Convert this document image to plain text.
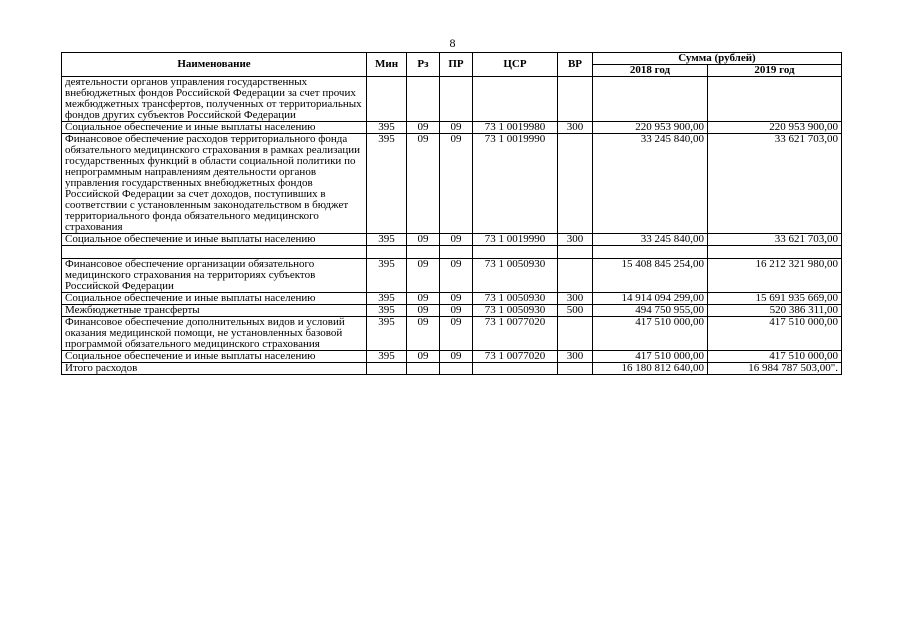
8
Наименование	Мин	Рз	ПР	ЦСР	ВР	Сумма (рублей)	
						2018 год	2019 год
деятельности органов управления государственных внебюджетных фондов Российской Федерации за счет прочих межбюджетных трансфертов, полученных от территориальных фондов других субъектов Российской Федерации							
Социальное обеспечение и иные выплаты населению	395	09	09	73 1 0019980	300	220 953 900,00	220 953 900,00
Финансовое обеспечение расходов территориального фонда обязательного медицинского страхования в рамках реализации государственных функций в области социальной политики по непрограммным направлениям деятельности органов управления государственных внебюджетных фондов Российской Федерации за счет доходов, поступивших в соответствии с установленным законодательством в бюджет территориального фонда обязательного медицинского страхования	395	09	09	73 1 0019990		33 245 840,00	33 621 703,00
Социальное обеспечение и иные выплаты населению	395	09	09	73 1 0019990	300	33 245 840,00	33 621 703,00

Финансовое обеспечение организации обязательного медицинского страхования на территориях субъектов Российской Федерации	395	09	09	73 1 0050930		15 408 845 254,00	16 212 321 980,00
Социальное обеспечение и иные выплаты населению	395	09	09	73 1 0050930	300	14 914 094 299,00	15 691 935 669,00
Межбюджетные трансферты	395	09	09	73 1 0050930	500	494 750 955,00	520 386 311,00
Финансовое обеспечение дополнительных видов и условий оказания медицинской помощи, не установленных базовой программой обязательного медицинского страхования	395	09	09	73 1 0077020		417 510 000,00	417 510 000,00
Социальное обеспечение и иные выплаты населению	395	09	09	73 1 0077020	300	417 510 000,00	417 510 000,00
Итого расходов						16 180 812 640,00	16 984 787 503,00".
